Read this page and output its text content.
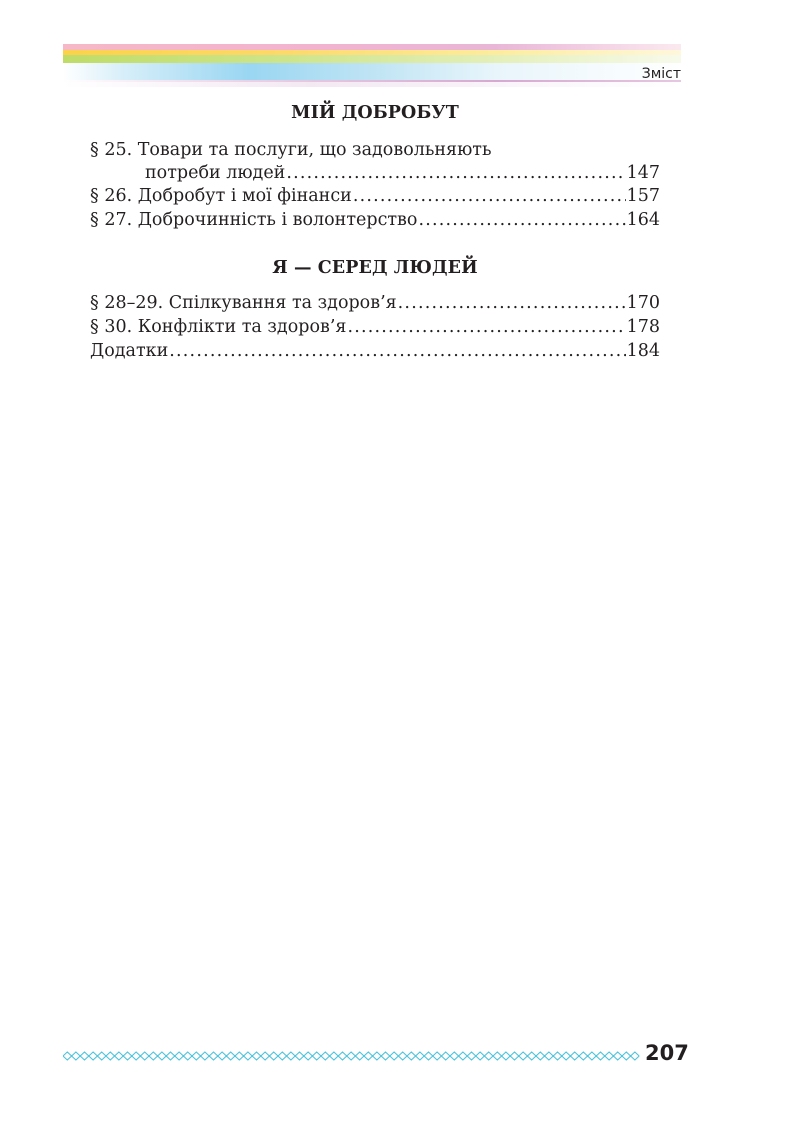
Зміст
МІЙ ДОБРОБУТ
§ 25. Товари та послуги, що задовольняють
потреби людей .....	147
§ 26. Добробут і мої фінанси .....	157
§ 27. Доброчинність і волонтерство .....	164
Я — СЕРЕД ЛЮДЕЙ
§ 28–29. Спілкування та здоров’я .....	170
§ 30. Конфлікти та здоров’я .....	178
Додатки .....	184
207
